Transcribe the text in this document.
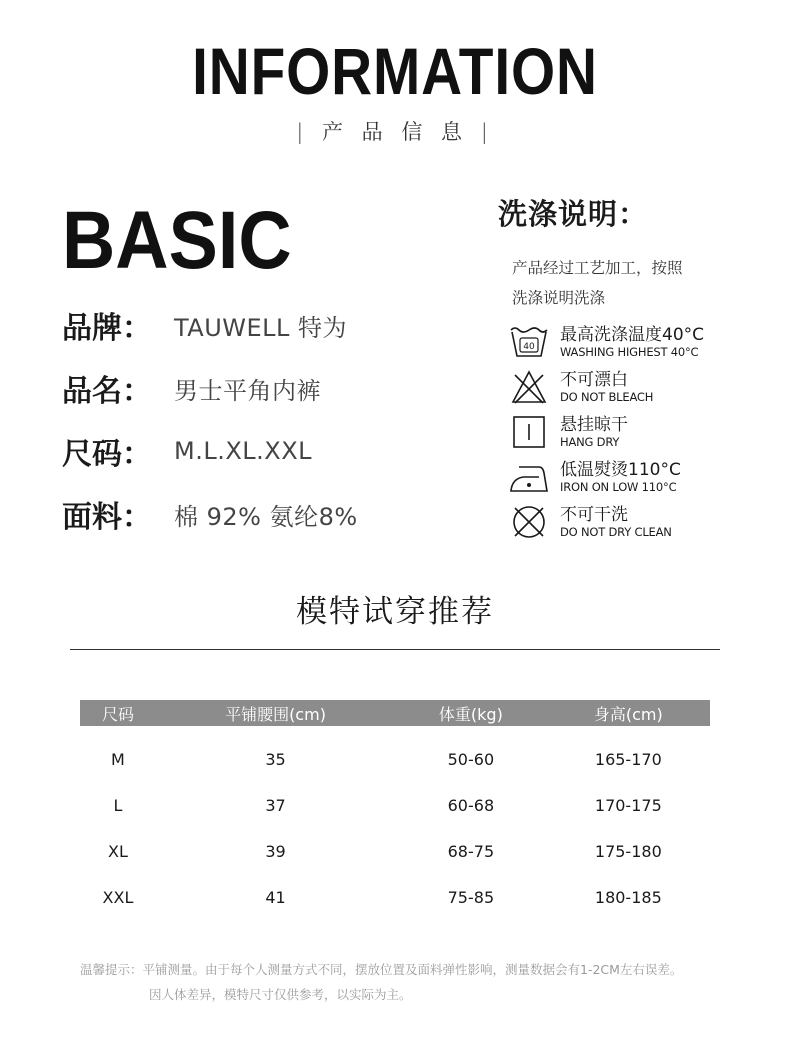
INFORMATION
| 产 品 信 息 |
BASIC
品牌： TAUWELL 特为
品名： 男士平角内裤
尺码： M.L.XL.XXL
面料： 棉 92% 氨纶8%
洗涤说明：
产品经过工艺加工，按照
洗涤说明洗涤
40
最高洗涤温度40°C
WASHING HIGHEST 40°C
不可漂白
DO NOT BLEACH
悬挂晾干
HANG DRY
低温熨烫110°C
IRON ON LOW 110°C
不可干洗
DO NOT DRY CLEAN
模特试穿推荐
尺码	平铺腰围(cm)	体重(kg)	身高(cm)
M	35	50-60	165-170
L	37	60-68	170-175
XL	39	68-75	175-180
XXL	41	75-85	180-185
温馨提示：平铺测量。由于每个人测量方式不同，摆放位置及面料弹性影响，测量数据会有1-2CM左右误差。
因人体差异，模特尺寸仅供参考，以实际为主。
